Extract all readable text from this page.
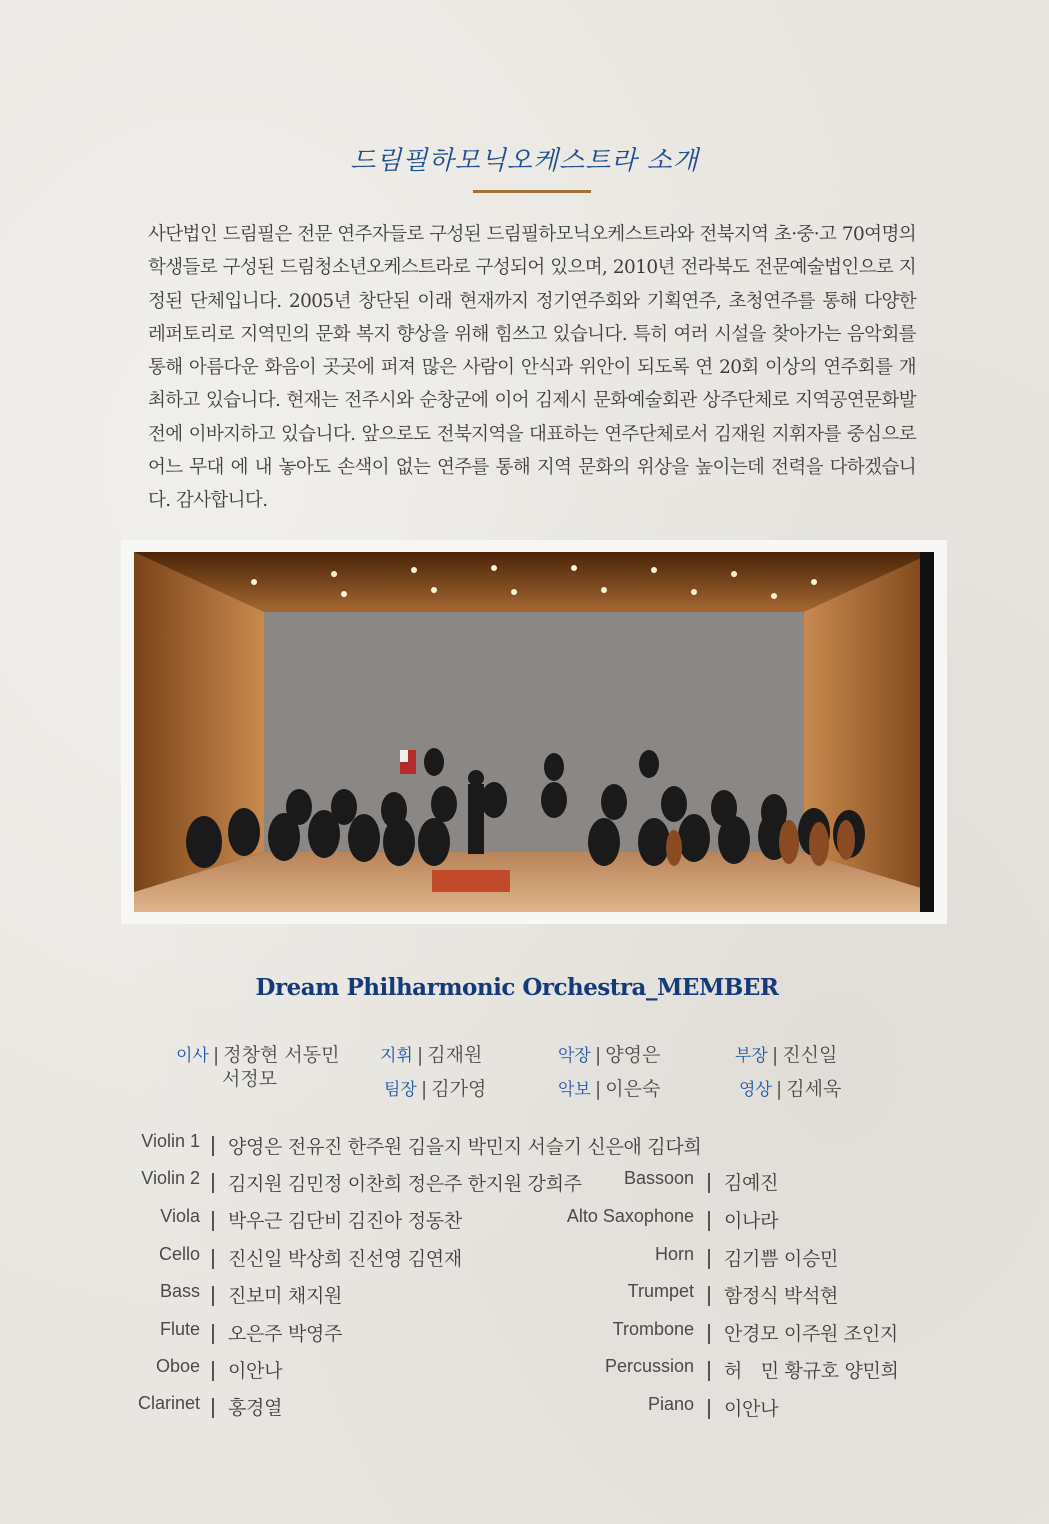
드림필하모닉오케스트라 소개

사단법인 드림필은 전문 연주자들로 구성된 드림필하모닉오케스트라와 전북지역 초·중·고 70여명의 학생들로 구성된 드림청소년오케스트라로 구성되어 있으며, 2010년 전라북도 전문예술법인으로 지정된 단체입니다. 2005년 창단된 이래 현재까지 정기연주회와 기획연주, 초청연주를 통해 다양한 레퍼토리로 지역민의 문화 복지 향상을 위해 힘쓰고 있습니다. 특히 여러 시설을 찾아가는 음악회를 통해 아름다운 화음이 곳곳에 퍼져 많은 사람이 안식과 위안이 되도록 연 20회 이상의 연주회를 개최하고 있습니다. 현재는 전주시와 순창군에 이어 김제시 문화예술회관 상주단체로 지역공연문화발전에 이바지하고 있습니다. 앞으로도 전북지역을 대표하는 연주단체로서 김재원 지휘자를 중심으로 어느 무대 에 내 놓아도 손색이 없는 연주를 통해 지역 문화의 위상을 높이는데 전력을 다하겠습니다. 감사합니다.

Dream Philharmonic Orchestra_MEMBER
이사 | 정창현 서동민
서정모
지휘 | 김재원
팀장 | 김가영
악장 | 양영은
악보 | 이은숙
부장 | 진신일
영상 | 김세욱
Violin 1 양영은 전유진 한주원 김을지 박민지 서슬기 신은애 김다희
Violin 2 김지원 김민정 이찬희 정은주 한지원 강희주
Viola 박우근 김단비 김진아 정동찬
Cello 진신일 박상희 진선영 김연재
Bass 진보미 채지원
Flute 오은주 박영주
Oboe 이안나
Clarinet 홍경열
Bassoon 김예진
Alto Saxophone 이나라
Horn 김기쁨 이승민
Trumpet 함정식 박석현
Trombone 안경모 이주원 조인지
Percussion 허　민 황규호 양민희
Piano 이안나
